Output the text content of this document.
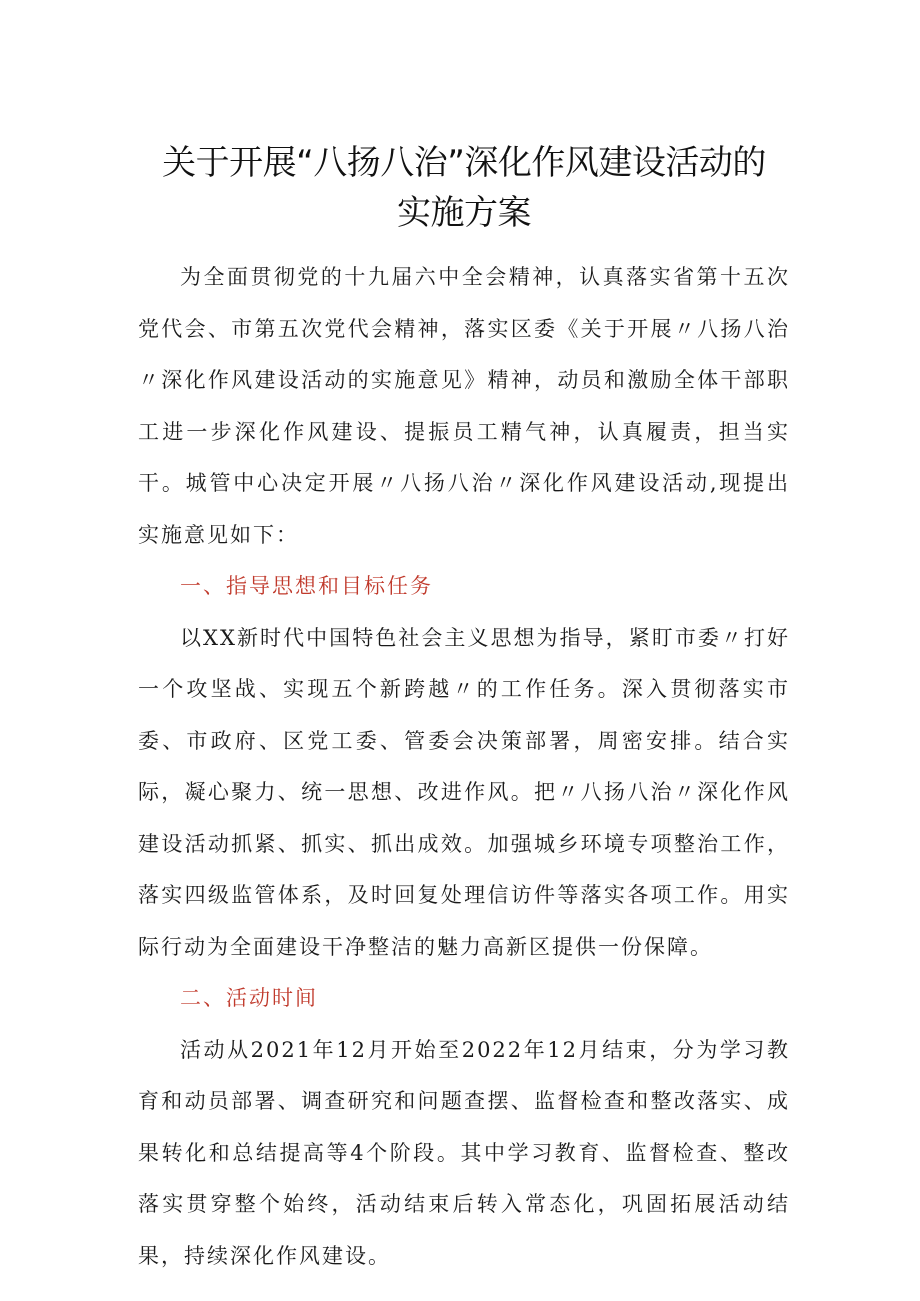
关于开展“八扬八治”深化作风建设活动的
实施方案

为全面贯彻党的十九届六中全会精神，认真落实省第十五次党代会、市第五次党代会精神，落实区委《关于开展〃八扬八治〃深化作风建设活动的实施意见》精神，动员和激励全体干部职工进一步深化作风建设、提振员工精气神，认真履责，担当实干。城管中心决定开展〃八扬八治〃深化作风建设活动,现提出实施意见如下：

一、指导思想和目标任务

以XX新时代中国特色社会主义思想为指导，紧盯市委〃打好一个攻坚战、实现五个新跨越〃的工作任务。深入贯彻落实市委、市政府、区党工委、管委会决策部署，周密安排。结合实际，凝心聚力、统一思想、改进作风。把〃八扬八治〃深化作风建设活动抓紧、抓实、抓出成效。加强城乡环境专项整治工作，落实四级监管体系，及时回复处理信访件等落实各项工作。用实际行动为全面建设干净整洁的魅力高新区提供一份保障。

二、活动时间

活动从2021年12月开始至2022年12月结束，分为学习教育和动员部署、调查研究和问题查摆、监督检查和整改落实、成果转化和总结提高等4个阶段。其中学习教育、监督检查、整改落实贯穿整个始终，活动结束后转入常态化，巩固拓展活动结果，持续深化作风建设。
